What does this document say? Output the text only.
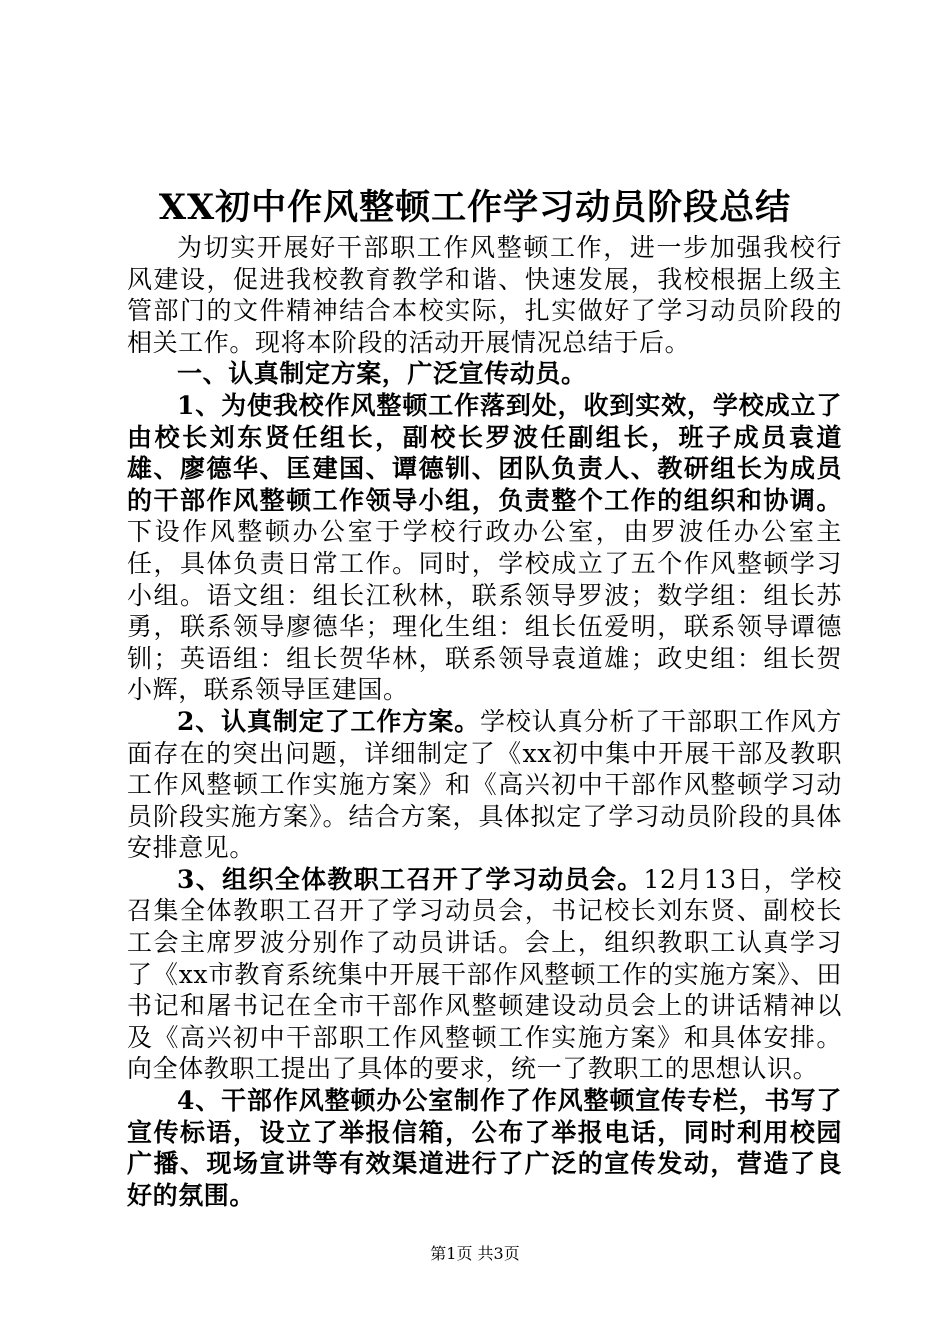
XX初中作风整顿工作学习动员阶段总结

为切实开展好干部职工作风整顿工作，进一步加强我校行风建设，促进我校教育教学和谐、快速发展，我校根据上级主管部门的文件精神结合本校实际，扎实做好了学习动员阶段的相关工作。现将本阶段的活动开展情况总结于后。

一、认真制定方案，广泛宣传动员。

1、为使我校作风整顿工作落到处，收到实效，学校成立了由校长刘东贤任组长，副校长罗波任副组长，班子成员袁道雄、廖德华、匡建国、谭德钏、团队负责人、教研组长为成员的干部作风整顿工作领导小组，负责整个工作的组织和协调。下设作风整顿办公室于学校行政办公室，由罗波任办公室主任，具体负责日常工作。同时，学校成立了五个作风整顿学习小组。语文组：组长江秋林，联系领导罗波；数学组：组长苏勇，联系领导廖德华；理化生组：组长伍爱明，联系领导谭德钏；英语组：组长贺华林，联系领导袁道雄；政史组：组长贺小辉，联系领导匡建国。

2、认真制定了工作方案。学校认真分析了干部职工作风方面存在的突出问题，详细制定了《xx初中集中开展干部及教职工作风整顿工作实施方案》和《高兴初中干部作风整顿学习动员阶段实施方案》。结合方案，具体拟定了学习动员阶段的具体安排意见。

3、组织全体教职工召开了学习动员会。12月13日，学校召集全体教职工召开了学习动员会，书记校长刘东贤、副校长工会主席罗波分别作了动员讲话。会上，组织教职工认真学习了《xx市教育系统集中开展干部作风整顿工作的实施方案》、田书记和屠书记在全市干部作风整顿建设动员会上的讲话精神以及《高兴初中干部职工作风整顿工作实施方案》和具体安排。向全体教职工提出了具体的要求，统一了教职工的思想认识。

4、干部作风整顿办公室制作了作风整顿宣传专栏，书写了宣传标语，设立了举报信箱，公布了举报电话，同时利用校园广播、现场宣讲等有效渠道进行了广泛的宣传发动，营造了良好的氛围。

第1页 共3页
